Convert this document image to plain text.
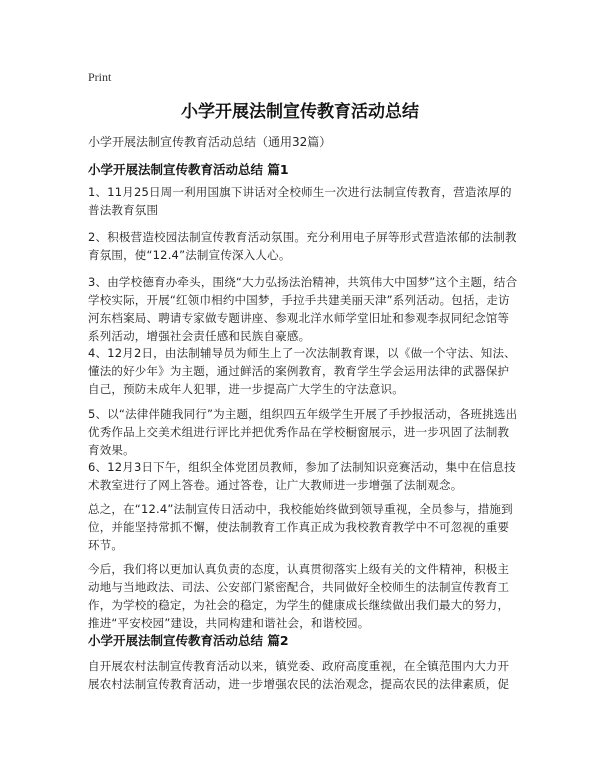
Print
小学开展法制宣传教育活动总结
小学开展法制宣传教育活动总结（通用32篇）
小学开展法制宣传教育活动总结 篇1
1、11月25日周一利用国旗下讲话对全校师生一次进行法制宣传教育，营造浓厚的普法教育氛围
2、积极营造校园法制宣传教育活动氛围。充分利用电子屏等形式营造浓郁的法制教育氛围，使“12.4”法制宣传深入人心。
3、由学校德育办牵头，围绕“大力弘扬法治精神，共筑伟大中国梦”这个主题，结合学校实际，开展“红领巾相约中国梦，手拉手共建美丽天津”系列活动。包括，走访河东档案局、聘请专家做专题讲座、参观北洋水师学堂旧址和参观李叔同纪念馆等系列活动，增强社会责任感和民族自豪感。
4、12月2日，由法制辅导员为师生上了一次法制教育课，以《做一个守法、知法、懂法的好少年》为主题，通过鲜活的案例教育，教育学生学会运用法律的武器保护自己，预防未成年人犯罪，进一步提高广大学生的守法意识。
5、以“法律伴随我同行”为主题，组织四五年级学生开展了手抄报活动，各班挑选出优秀作品上交美术组进行评比并把优秀作品在学校橱窗展示，进一步巩固了法制教育效果。
6、12月3日下午，组织全体党团员教师，参加了法制知识竞赛活动，集中在信息技术教室进行了网上答卷。通过答卷，让广大教师进一步增强了法制观念。
总之，在“12.4”法制宣传日活动中，我校能始终做到领导重视，全员参与，措施到位，并能坚持常抓不懈，使法制教育工作真正成为我校教育教学中不可忽视的重要环节。
今后，我们将以更加认真负责的态度，认真贯彻落实上级有关的文件精神，积极主动地与当地政法、司法、公安部门紧密配合，共同做好全校师生的法制宣传教育工作，为学校的稳定，为社会的稳定，为学生的健康成长继续做出我们最大的努力，推进“平安校园”建设，共同构建和谐社会，和谐校园。
小学开展法制宣传教育活动总结 篇2
自开展农村法制宣传教育活动以来，镇党委、政府高度重视，在全镇范围内大力开展农村法制宣传教育活动，进一步增强农民的法治观念，提高农民的法律素质，促
